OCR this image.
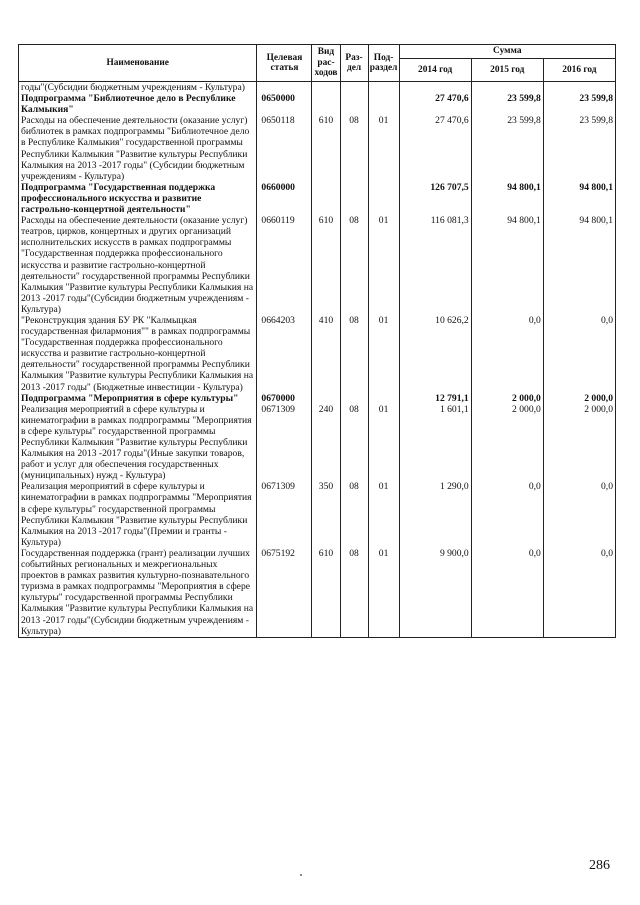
Наименование	Целевая статья	Вид рас- ходов	Раз- дел	Под- раздел	Сумма		
					2014 год	2015 год	2016 год
годы"(Субсидии бюджетным учреждениям - Культура)							
Подпрограмма "Библиотечное дело в Республике Калмыкия"	0650000				27 470,6	23 599,8	23 599,8
Расходы на обеспечение деятельности (оказание услуг) библиотек в рамках подпрограммы "Библиотечное дело в Республике Калмыкия" государственной программы Республики Калмыкия "Развитие культуры Республики Калмыкия на 2013 -2017 годы" (Субсидии бюджетным учреждениям - Культура)	0650118	610	08	01	27 470,6	23 599,8	23 599,8
Подпрограмма "Государственная поддержка профессионального искусства и развитие гастрольно-концертной деятельности"	0660000				126 707,5	94 800,1	94 800,1
Расходы на обеспечение деятельности (оказание услуг) театров, цирков, концертных и других организаций исполнительских искусств в рамках подпрограммы "Государственная поддержка профессионального искусства и развитие гастрольно-концертной деятельности" государственной программы Республики Калмыкия "Развитие культуры Республики Калмыкия на 2013 -2017 годы"(Субсидии бюджетным учреждениям - Культура)	0660119	610	08	01	116 081,3	94 800,1	94 800,1
"Реконструкция здания БУ РК "Калмыцкая государственная филармония"" в рамках подпрограммы "Государственная поддержка профессионального искусства и развитие гастрольно-концертной деятельности" государственной программы Республики Калмыкия "Развитие культуры Республики Калмыкия на 2013 -2017 годы" (Бюджетные инвестиции - Культура)	0664203	410	08	01	10 626,2	0,0	0,0
Подпрограмма "Мероприятия в сфере культуры"	0670000				12 791,1	2 000,0	2 000,0
Реализация мероприятий в сфере культуры и кинематографии в рамках подпрограммы "Мероприятия в сфере культуры" государственной программы Республики Калмыкия "Развитие культуры Республики Калмыкия на 2013 -2017 годы"(Иные закупки товаров, работ и услуг для обеспечения государственных (муниципальных) нужд - Культура)	0671309	240	08	01	1 601,1	2 000,0	2 000,0
Реализация мероприятий в сфере культуры и кинематографии в рамках подпрограммы "Мероприятия в сфере культуры" государственной программы Республики Калмыкия "Развитие культуры Республики Калмыкия на 2013 -2017 годы"(Премии и гранты - Культура)	0671309	350	08	01	1 290,0	0,0	0,0
Государственная поддержка (грант) реализации лучших событийных региональных и межрегиональных проектов в рамках развития культурно-познавательного туризма в рамках подпрограммы "Мероприятия в сфере культуры" государственной программы Республики Калмыкия "Развитие культуры Республики Калмыкия на 2013 -2017 годы"(Субсидии бюджетным учреждениям - Культура)	0675192	610	08	01	9 900,0	0,0	0,0
286
